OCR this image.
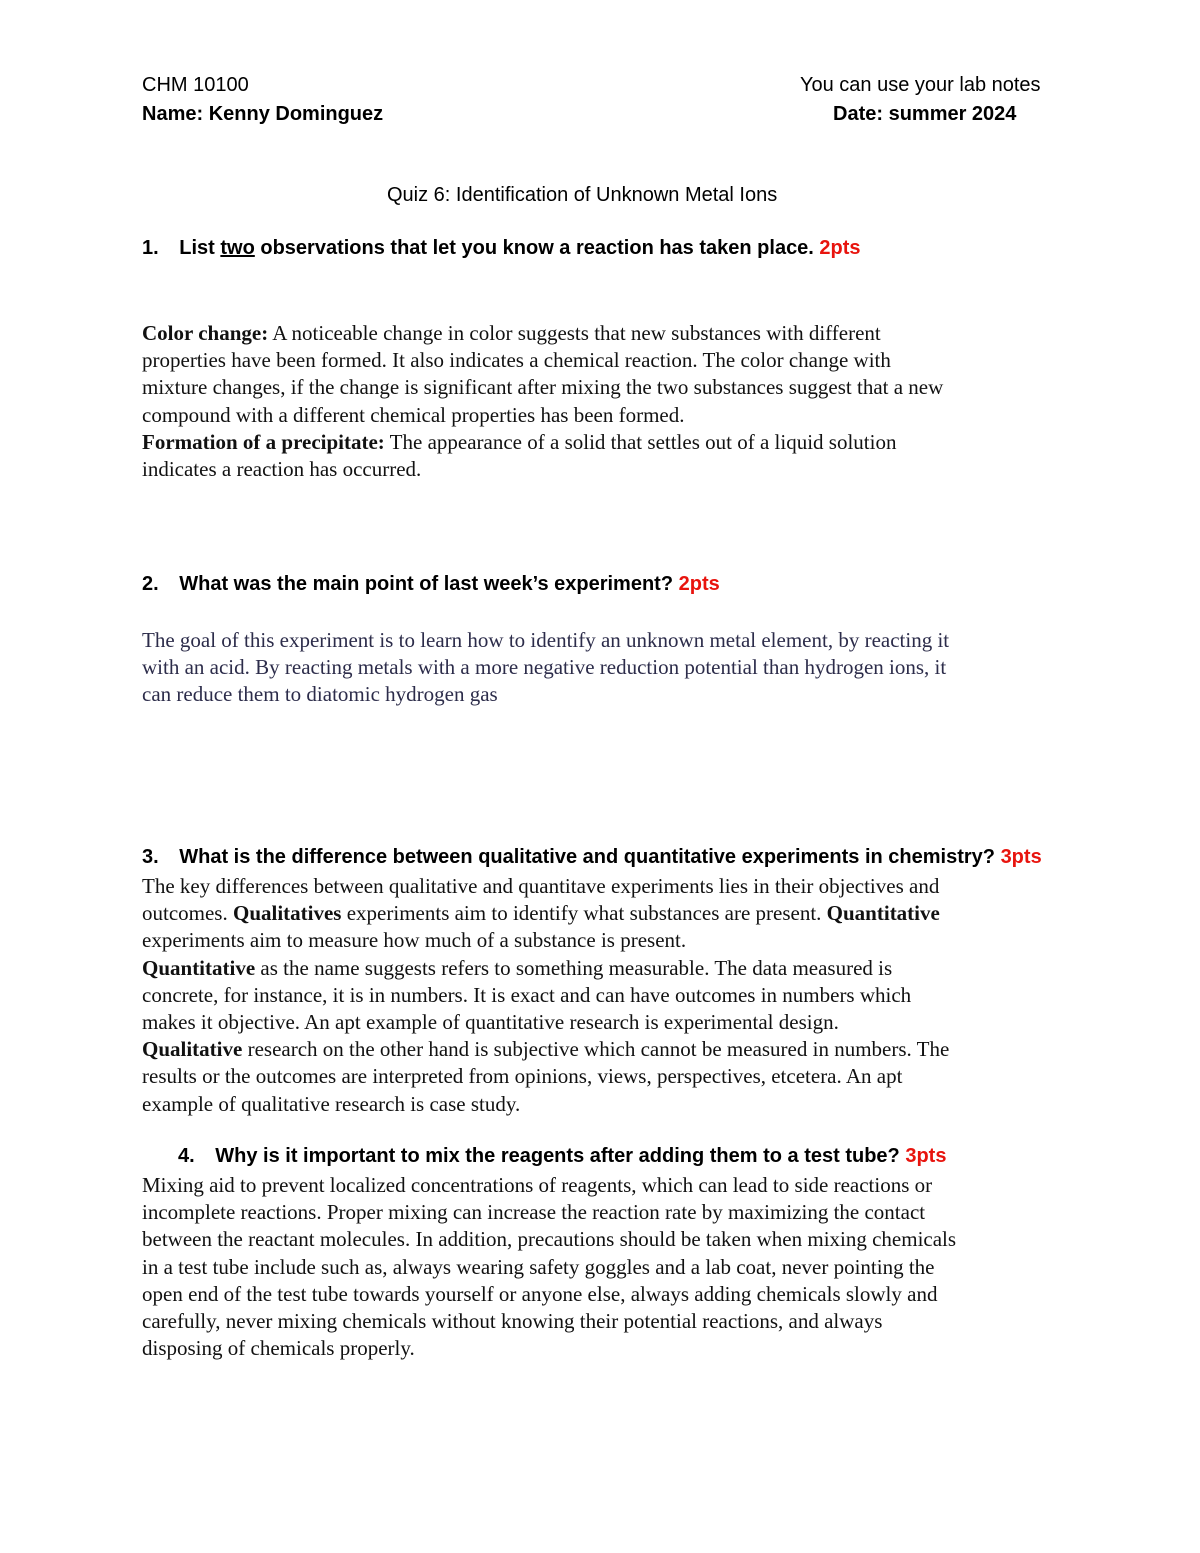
CHM 10100	You can use your lab notes
Name: Kenny Dominguez	Date: summer 2024
Quiz 6: Identification of Unknown Metal Ions
1. List two observations that let you know a reaction has taken place. 2pts
Color change: A noticeable change in color suggests that new substances with different
properties have been formed. It also indicates a chemical reaction. The color change with
mixture changes, if the change is significant after mixing the two substances suggest that a new
compound with a different chemical properties has been formed.
Formation of a precipitate: The appearance of a solid that settles out of a liquid solution
indicates a reaction has occurred.
2. What was the main point of last week’s experiment? 2pts
The goal of this experiment is to learn how to identify an unknown metal element, by reacting it
with an acid. By reacting metals with a more negative reduction potential than hydrogen ions, it
can reduce them to diatomic hydrogen gas
3. What is the difference between qualitative and quantitative experiments in chemistry? 3pts
The key differences between qualitative and quantitave experiments lies in their objectives and
outcomes. Qualitatives experiments aim to identify what substances are present. Quantitative
experiments aim to measure how much of a substance is present.
Quantitative as the name suggests refers to something measurable. The data measured is
concrete, for instance, it is in numbers. It is exact and can have outcomes in numbers which
makes it objective. An apt example of quantitative research is experimental design.
Qualitative research on the other hand is subjective which cannot be measured in numbers. The
results or the outcomes are interpreted from opinions, views, perspectives, etcetera. An apt
example of qualitative research is case study.
4. Why is it important to mix the reagents after adding them to a test tube? 3pts
Mixing aid to prevent localized concentrations of reagents, which can lead to side reactions or
incomplete reactions. Proper mixing can increase the reaction rate by maximizing the contact
between the reactant molecules. In addition, precautions should be taken when mixing chemicals
in a test tube include such as, always wearing safety goggles and a lab coat, never pointing the
open end of the test tube towards yourself or anyone else, always adding chemicals slowly and
carefully, never mixing chemicals without knowing their potential reactions, and always
disposing of chemicals properly.
